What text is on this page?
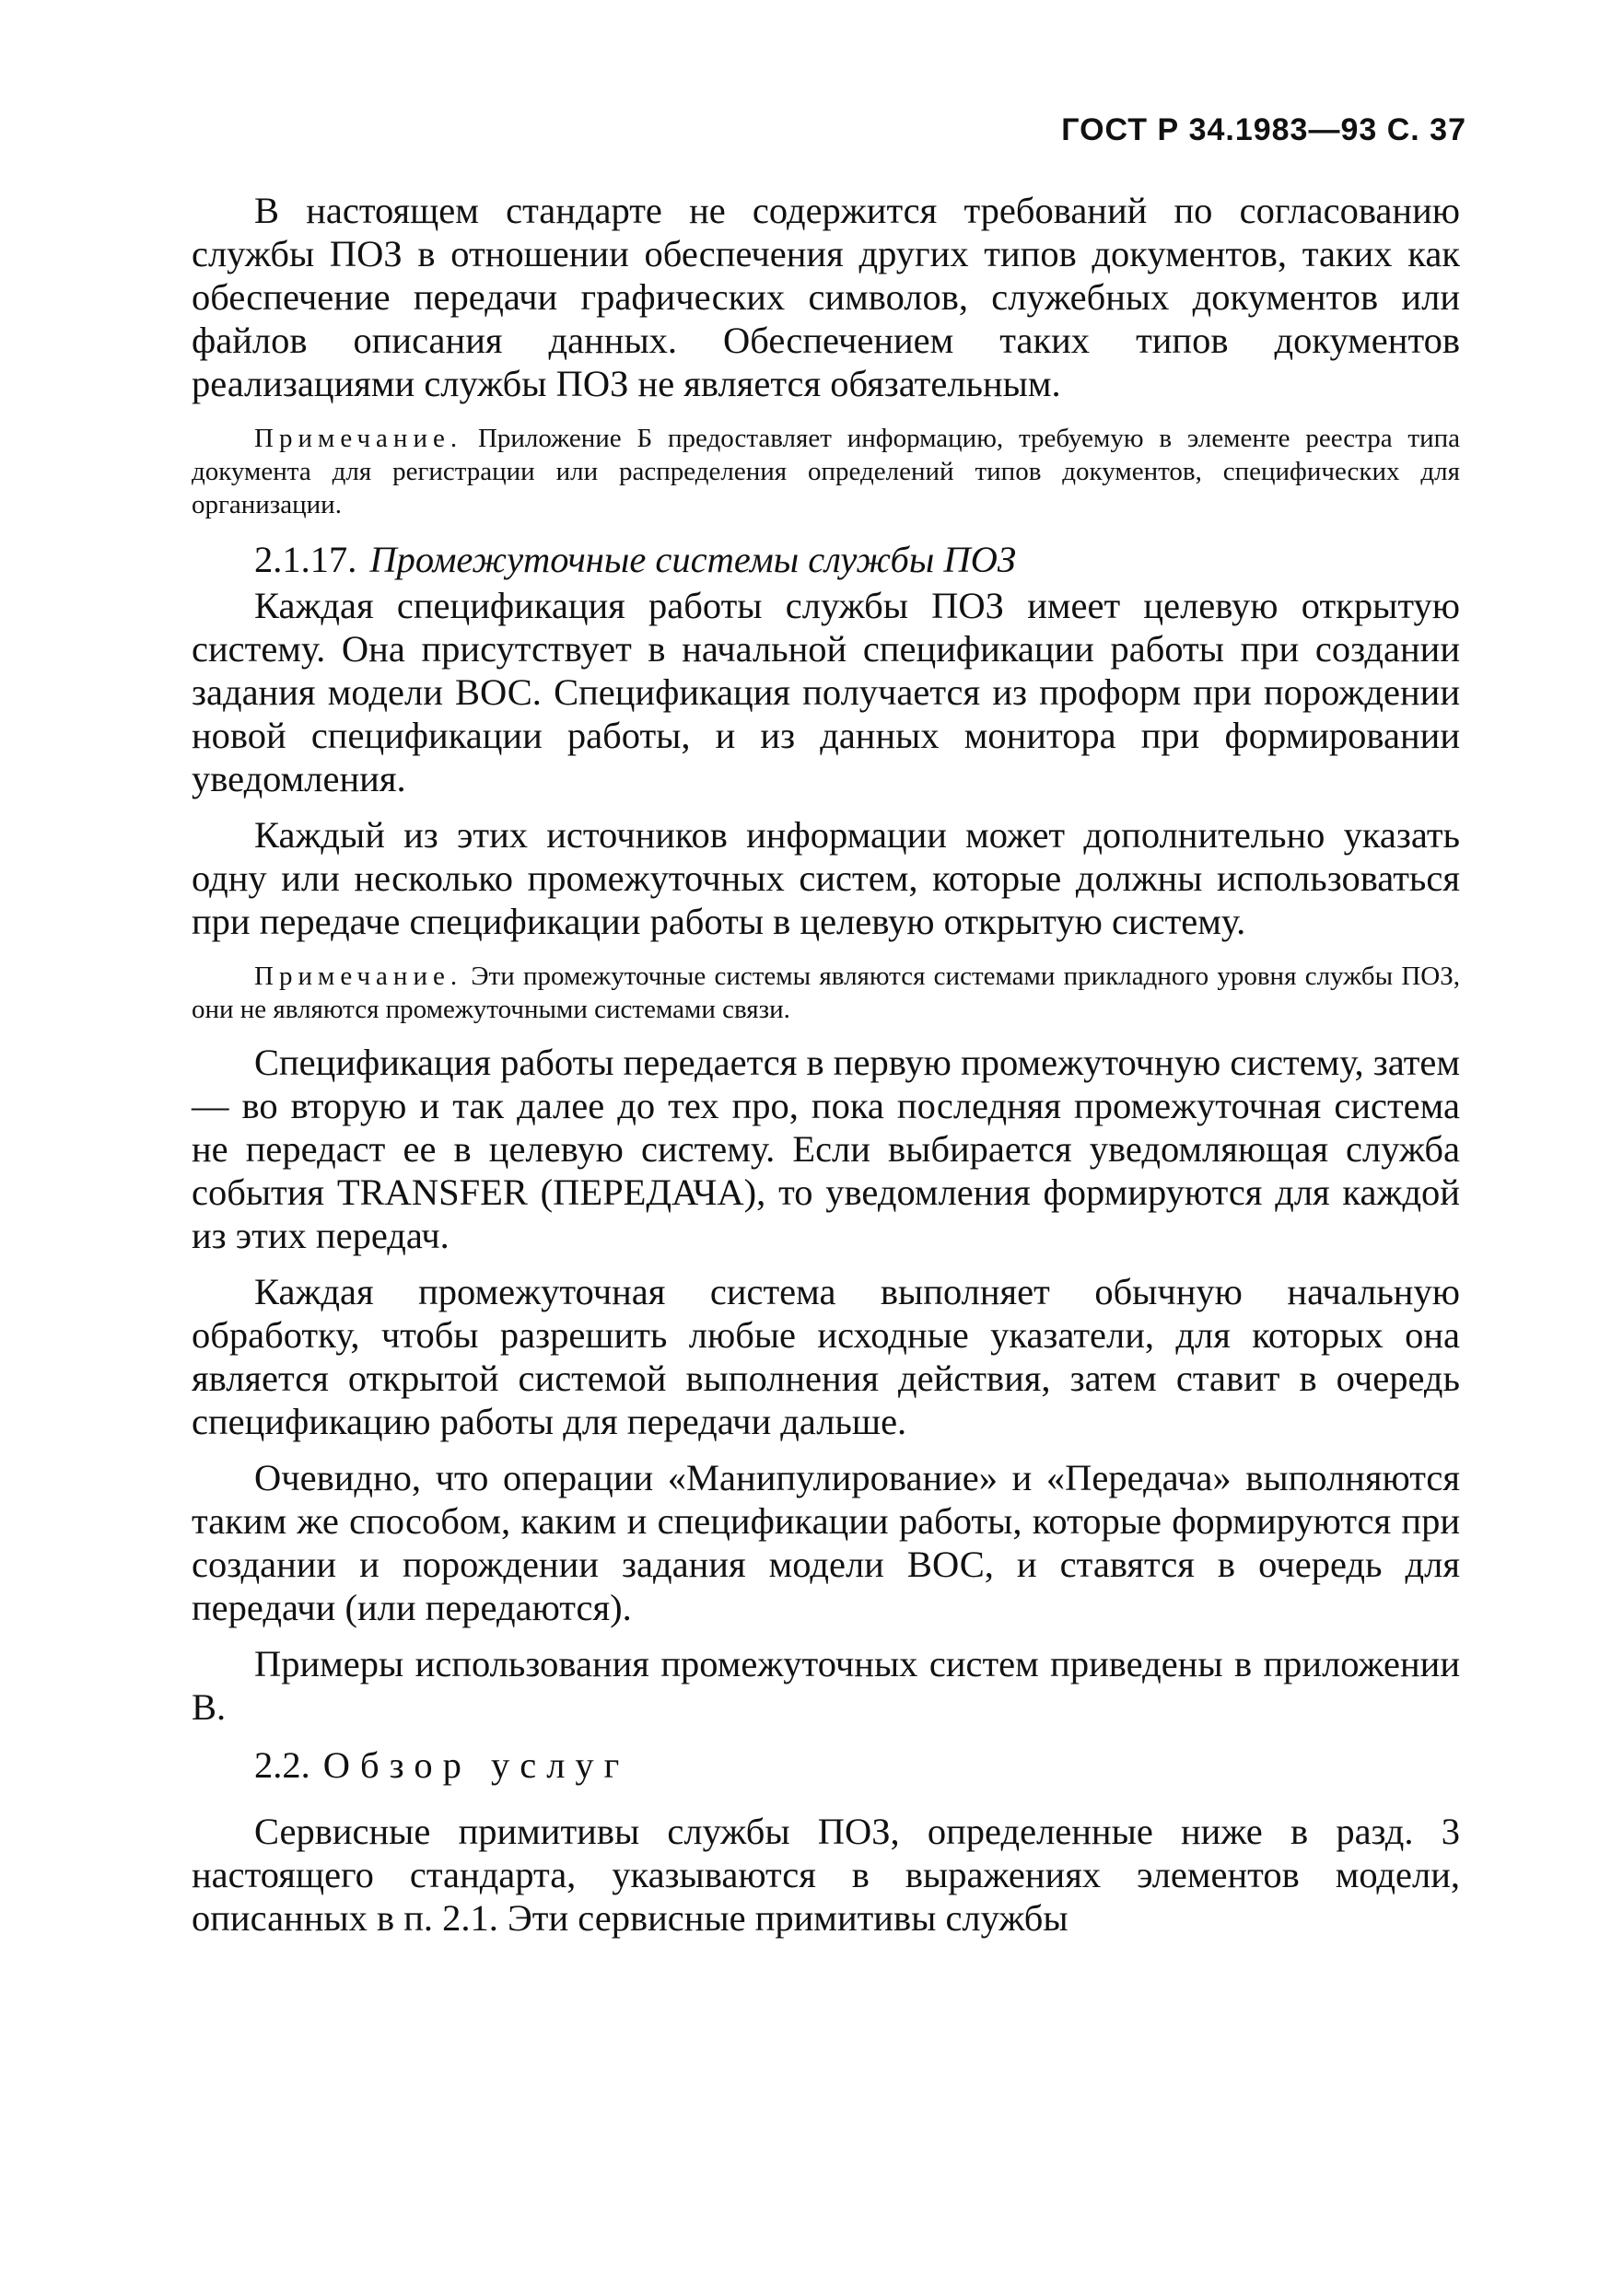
ГОСТ Р 34.1983—93 С. 37

В настоящем стандарте не содержится требований по согласованию службы ПОЗ в отношении обеспечения других типов документов, таких как обеспечение передачи графических символов, служебных документов или файлов описания данных. Обеспечением таких типов документов реализациями службы ПОЗ не является обязательным.

Примечание. Приложение Б предоставляет информацию, требуемую в элементе реестра типа документа для регистрации или распределения определений типов документов, специфических для организации.

2.1.17. Промежуточные системы службы ПОЗ

Каждая спецификация работы службы ПОЗ имеет целевую открытую систему. Она присутствует в начальной спецификации работы при создании задания модели ВОС. Спецификация получается из проформ при порождении новой спецификации работы, и из данных монитора при формировании уведомления.

Каждый из этих источников информации может дополнительно указать одну или несколько промежуточных систем, которые должны использоваться при передаче спецификации работы в целевую открытую систему.

Примечание. Эти промежуточные системы являются системами прикладного уровня службы ПОЗ, они не являются промежуточными системами связи.

Спецификация работы передается в первую промежуточную систему, затем — во вторую и так далее до тех про, пока последняя промежуточная система не передаст ее в целевую систему. Если выбирается уведомляющая служба события TRANSFER (ПЕРЕДАЧА), то уведомления формируются для каждой из этих передач.

Каждая промежуточная система выполняет обычную начальную обработку, чтобы разрешить любые исходные указатели, для которых она является открытой системой выполнения действия, затем ставит в очередь спецификацию работы для передачи дальше.

Очевидно, что операции «Манипулирование» и «Передача» выполняются таким же способом, каким и спецификации работы, которые формируются при создании и порождении задания модели ВОС, и ставятся в очередь для передачи (или передаются).

Примеры использования промежуточных систем приведены в приложении В.

2.2. Обзор услуг

Сервисные примитивы службы ПОЗ, определенные ниже в разд. 3 настоящего стандарта, указываются в выражениях элементов модели, описанных в п. 2.1. Эти сервисные примитивы службы
